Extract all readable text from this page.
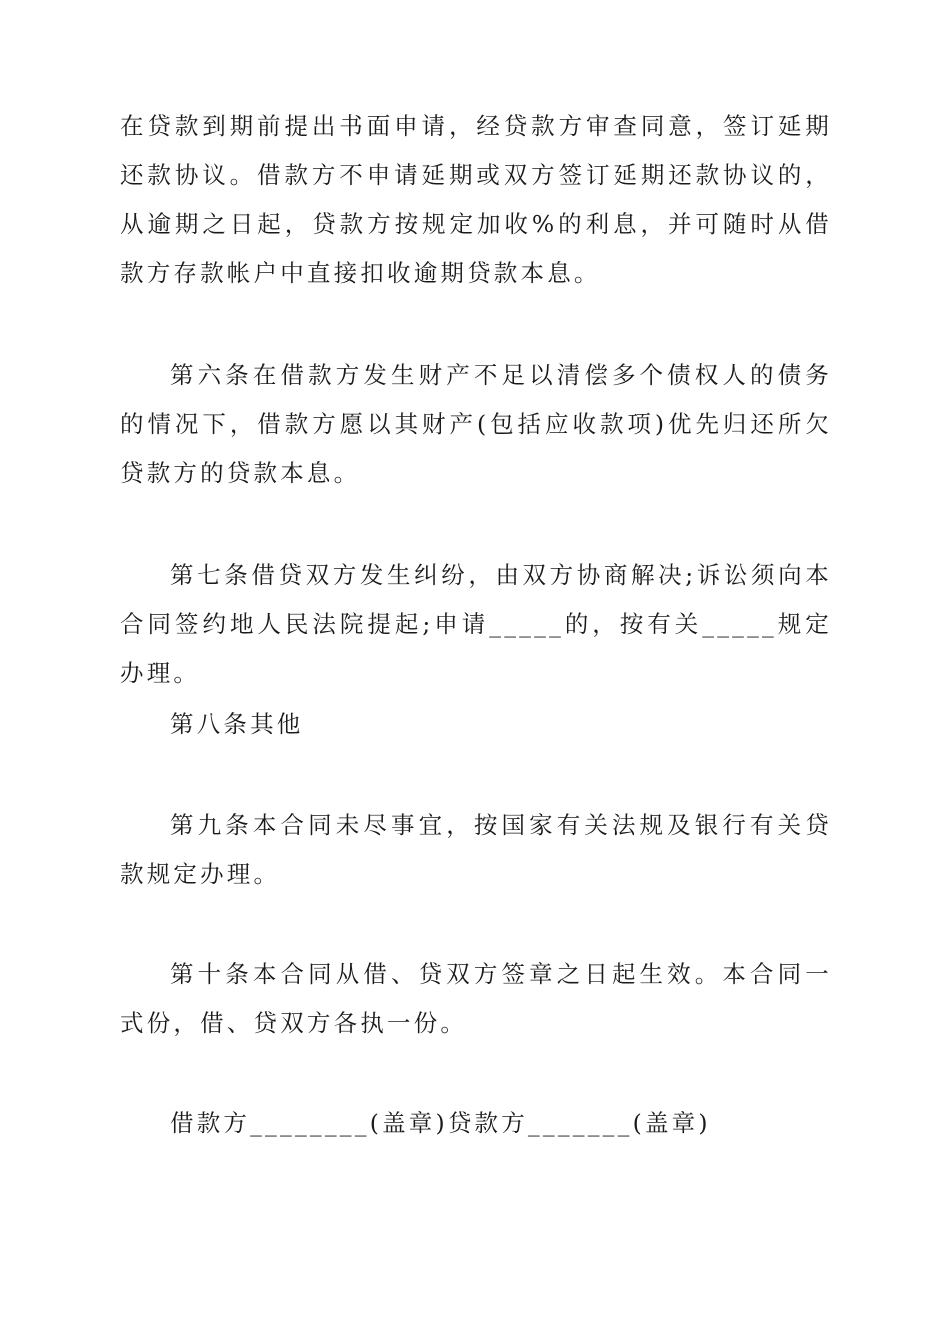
在贷款到期前提出书面申请，经贷款方审查同意，签订延期还款协议。借款方不申请延期或双方签订延期还款协议的，从逾期之日起，贷款方按规定加收%的利息，并可随时从借款方存款帐户中直接扣收逾期贷款本息。

第六条在借款方发生财产不足以清偿多个债权人的债务的情况下，借款方愿以其财产(包括应收款项)优先归还所欠贷款方的贷款本息。

第七条借贷双方发生纠纷，由双方协商解决;诉讼须向本合同签约地人民法院提起;申请_____的，按有关_____规定办理。

第八条其他

第九条本合同未尽事宜，按国家有关法规及银行有关贷款规定办理。

第十条本合同从借、贷双方签章之日起生效。本合同一式份，借、贷双方各执一份。

借款方________(盖章)贷款方_______(盖章)
